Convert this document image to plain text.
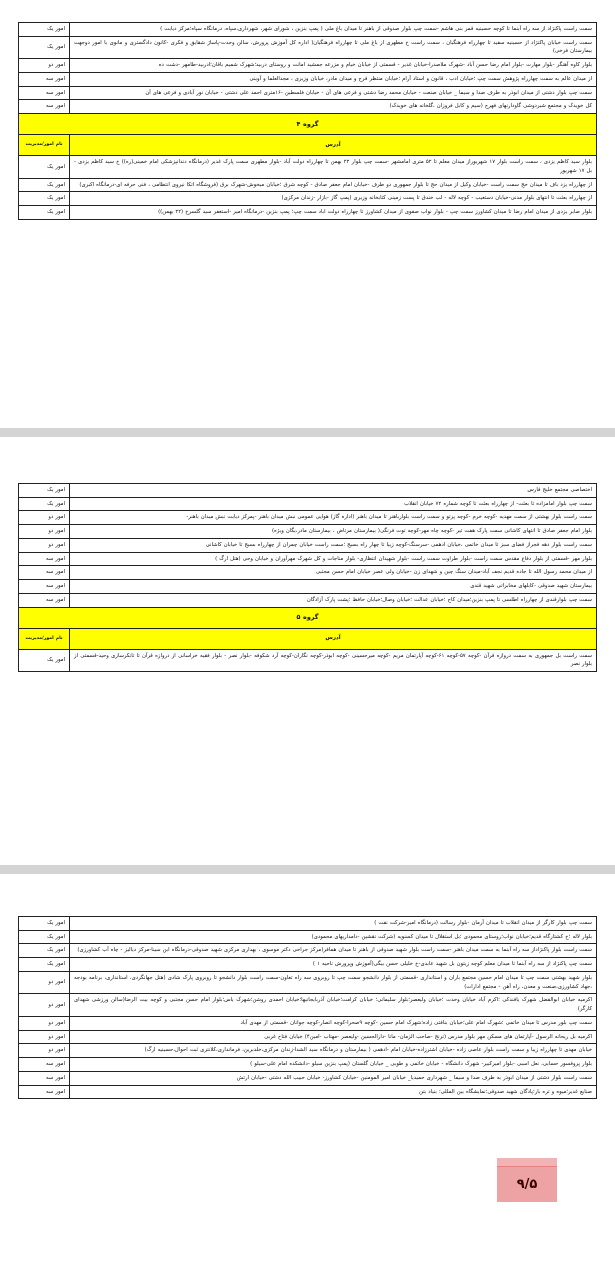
سمت راست پاکنژاد از سه راه آبنما تا کوچه حسینیه قمر بنی هاشم -سمت چپ بلوار صدوقی از باهنر تا میدان باغ ملی ( پمپ بنزین ، شورای شهر، شهرداری،سپاه، درمانگاه سپاه؛مرکز دیابت )	امور یک
سمت راست خیابان پاکنژاد از حسینیه سفید تا چهارراه فرهنگیان ، سمت راست خ مطهری از باغ ملی تا چهارراه فرهنگیان( اداره کل آموزش پرورش، سالن وحدت-پاساژ شقایق و فکری -کانون دادگستری و مانوی با امور دوجهت بیمارستان فرخی)	امور یک
بلوار کاوه آهنگر -بلوار مهارت -بلوار امام رضا حسن آباد -شهرک ملاصدرا-خیابان غدیر - قسمتی از خیابان خیام و مزرعه جمشید امانت و روستای دربید؛شهرک شمیم باقان؛ادربید-طامهر -دشت ده	امور دو
از میدان عالم به سمت چهارراه پژوهش سمت چپ ؛خیابان ادب ، قانون و استاد آرام ؛خیابان منتظر فرج و میدان مادر، خیابان وزیری ، مجدالعلما و آوینی	امور سه
سمت چپ بلوار دشتی از میدان ابوذر به طرف صدا و سیما _ خیابان صنعت - خیابان محمد رضا دشتی و فرعی های آن - خیابان فلسطین -۱۶متری احمد علی دشتی - خیابان نور آبادی و فرعی های آن	امور سه
کل خویدک و مجتمع شیردوشی گاودارنهای فهرج (سیم و کابل فروزان ،گلخانه های خویدک)	امور سه
گروه ۴	
آدرس	نام امور/مدیریت
بلوار سید کاظم یزدی ، سمت راست بلوار ۱۷ شهریوراز میدان معلم تا ۵۲ متری امامشهر -سمت چپ بلوار ۲۲ بهمن تا چهارراه دولت آباد -بلوار مطهری سمت پارک غدیر (درمانگاه دندانپزشکی امام خمینی(ره)) خ سید کاظم یزدی - بل ۱۷ شهریور	امور یک
از چهارراه یزد باف تا میدان حج سمت راست -خیابان وکیل از میدان حج تا بلوار جمهوری دو طرف -خیابان امام جعفر صادق - کوچه شرق ؛خیابان میخوش-شهرک برق (فروشگاه اتکا نیروی انتظامی ، فنی حرفه ای-درمانگاه اکبری)	امور یک
از چهارراه بعثت تا انتهای بلوار مدنی-خیابان دستغیب - کوچه لاله - لب خندق تا پست زمینی کتابخانه وزیری (پمپ گاز -بازار -زندان مرکزی)	امور یک
بلوار صابر یزدی از میدان امام رضا تا میدان کشاورز سمت چپ - بلوار نواب صفوی از میدان کشاورز تا چهارراه دولت اباد سمت چپ؛ پمپ بنزین -درمانگاه امیر -استغفر سید گلسرخ (۲۲ بهمن))	امور یک
اختصاصی مجتمع خلیج فارس	امور یک
سمت چپ بلوار امامزاده تا بعثت- از چهارراه بعثت تا کوچه شماره ۷۲ خیابان انقلاب	امور یک
سمت راست بلوار بهشتی از سمت مهدیه -کوچه خرم -کوچه پرتو و سمت راست بلوارباهنر تا میدان باهنر (اداره گاز) هوایی عمومی نبش میدان باهنر -پمرکز دیابت نبش میدان باهنر-	امور دو
بلوار امام جعفر صادق تا انتهای کاشانی سمت پارک هفت تیر -کوچه چاه مهر-کوچه توت فرنگی( بیمارستان مرتاض ، بیمارستان مادر،یگان ویژه)	امور دو
سمت راست بلوار دهه فجراز فضای سبز تا میدان خاتمی ،خیابان ادهمی -سرسنگ-کوچه زیبا تا چهار راه بسیج ؛سمت راست خیابان چمران از چهارراه بسیج تا خیابان کاشانی	امور دو
بلوار مهر -قسمتی از بلوار دفاع مقدس سمت راست -بلوار طراوت سمت راست -بلوار شهیدان انتظاری- بلوار مناجات و کل شهرک مهرآوران و خیابان وحی (هتل ارگ )	امور سه
از میدان محمد رسول الله تا جاده قدیم نجف آباد-میدان سنگ چین و شهدای زن -خیابان ولی عصر خیابان امام حسن مجتبی	امور سه
بیمارستان شهید صدوقی -کابلهای مخابراتی شهید قندی	امور سه
سمت چپ بلوارقندی از چهارراه اطلسی تا پمپ بنزین؛میدان کاج ؛خیابان عدالت ؛خیابان وصال؛خیابان حافظ ؛پشت پارک آزادگان	امور سه
گروه ۵	
آدرس	نام امور/مدیریت
سمت راست بل جمهوری به سمت دروازه قرآن -کوچه ۵۷-کوچه ۶۱-کوچه آپارتمان مریم -کوچه میرحسینی -کوچه ابوذر-کوچه نگاران-کوچه آرد شکوفه -بلوار نصر - بلوار فقیه خراسانی از دروازه قرآن تا تانکرسازی وحید-قسمتی از بلوار نصر	امور یک
سمت چپ بلوار کارگر از میدان انقلاب تا میدان آرمان -بلوار رسالت (درمانگاه امیر-شرکت نفت )	امور یک
بلوار لاله ؛خ کشتارگاه قدیم؛خیابان نواب؛روستای محمودی ؛بل استقلال تا میدان کسنویه (شرکت نقشین -دامداریهای محمودی)	امور یک
سمت راست بلوار پاکنژاداز سه راه آبنما به سمت میدان باهنر -سمت راست بلوار شهید صدوقی از باهنر تا میدان همافر(مرکز جراحی دکتر موسوی ، بهداری مرکزی شهید صدوقی-درمانگاه ابن سینا-مرکز دیالیز - چاه آب کشاورزی)	امور یک
سمت چپ پاکنژاد از سه راه آبنما تا میدان معلم کوچه زیتون بل شهید عابدی-خ خلیلی حسن بیگی(آموزش وپرورش ناحیه ۱ )	امور یک
بلوار شهید بهشتی سمت چپ تا میدان امام حسین مجتمع باران و استانداری -قسمتی از بلوار دانشجو سمت چپ تا روبروی سه راه تعاون-سمت راست بلوار دانشجو تا روبروی پارک شادی (هتل جهانگردی، استانداری، برنامه بودجه ،جهاد کشاورزی،صنعت و معدن، راه آهن - مجتمع ادارات)	امور دو
اکرمیه خیابان ابوالفضل شهرک یافندکی ؛اکرم آباد خیابان وحدت ؛خیابان ولیعصر؛بلوار سلیمانی؛ خیابان کرامت؛خیابان آذربایجانیها؛خیابان احمدی روشن؛شهرک یاس؛بلوار امام حسن مجتبی و کوچه بیت الرضا(سالن ورزشی شهدای کارگر)	امور دو
سمت چپ بلور مدرس تا میدان خاتمی ؛شهرک امام علی؛خیابان بنافتی زاده؛شهرک امام حسین -کوچه ۹صحرا-کوچه انصار-کوچه جوانان -قسمتی از مهدی آباد	امور دو
اکرمیه بل ریحانه الرسول -آپارتمان های مسکن مهر بلوار مدرس (ترنج -صاحب الزمان- مانا -دارالحسین -ولیعصر -مهتاب -امین۴) خیابان فتاح غربی	امور دو
خیابان مهدی تا چهارراه زیبا و سمت راست بلوار عاصی زاده -خیابان اشترزاده-خیابان امام -ادهمی ( بیمارستان و درمانگاه سید الشدا-زندان مرکزی،خلدبرین، فرمانداری،کلانتری ثبت احوال،حسینیه ارگ)	امور دو
بلوار پروفسور حسابی، نعل اسبی -بلوار امیرکبیر- شهرک دانشگاه - خیابان خاتمی و طوبی _ خیابان گلستان (پمپ بنزین سیلو -دانشکده امام علی-سیلو )	امور سه
سمت راست بلوار دشتی از میدان ابوذر به طرف صدا و سیما _ شهرداری حمیدیا_ خیابان امیر المومنین -خیابان کشاورز- خیابان حبیب الله دشتی -خیابان ارتش	امور سه
صنایع غدیر؛میوه و تره بار؛پادگان شهید صدوقی؛نمایشگاه بین المللی؛ بنیاد بتن	امور سه
۹/۵
